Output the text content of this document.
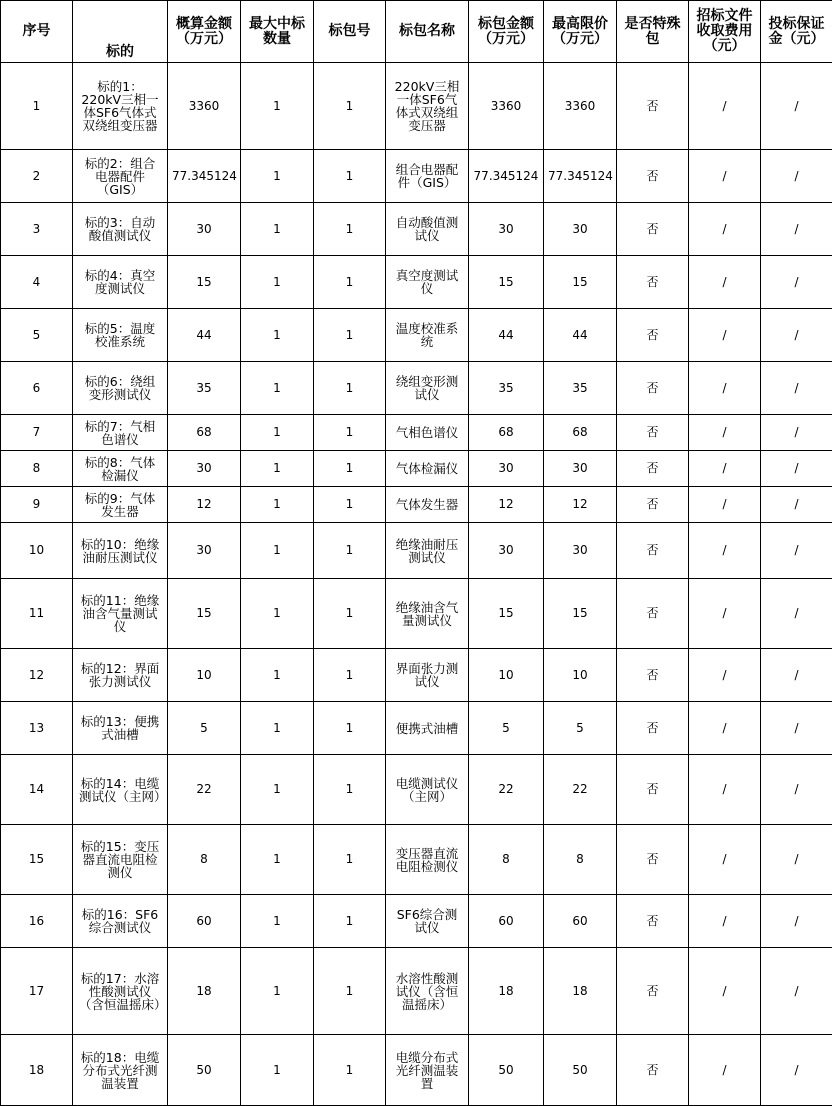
序号	标的	概算金额（万元）	最大中标数量	标包号	标包名称	标包金额（万元）	最高限价（万元）	是否特殊包	招标文件收取费用（元）	投标保证金（元）
1	标的1：220kV三相一体SF6气体式双绕组变压器	3360	1	1	220kV三相一体SF6气体式双绕组变压器	3360	3360	否	/	/
2	标的2：组合电器配件（GIS）	77.345124	1	1	组合电器配件（GIS）	77.345124	77.345124	否	/	/
3	标的3：自动酸值测试仪	30	1	1	自动酸值测试仪	30	30	否	/	/
4	标的4：真空度测试仪	15	1	1	真空度测试仪	15	15	否	/	/
5	标的5：温度校准系统	44	1	1	温度校准系统	44	44	否	/	/
6	标的6：绕组变形测试仪	35	1	1	绕组变形测试仪	35	35	否	/	/
7	标的7：气相色谱仪	68	1	1	气相色谱仪	68	68	否	/	/
8	标的8：气体检漏仪	30	1	1	气体检漏仪	30	30	否	/	/
9	标的9：气体发生器	12	1	1	气体发生器	12	12	否	/	/
10	标的10：绝缘油耐压测试仪	30	1	1	绝缘油耐压测试仪	30	30	否	/	/
11	标的11：绝缘油含气量测试仪	15	1	1	绝缘油含气量测试仪	15	15	否	/	/
12	标的12：界面张力测试仪	10	1	1	界面张力测试仪	10	10	否	/	/
13	标的13：便携式油槽	5	1	1	便携式油槽	5	5	否	/	/
14	标的14：电缆测试仪（主网）	22	1	1	电缆测试仪（主网）	22	22	否	/	/
15	标的15：变压器直流电阻检测仪	8	1	1	变压器直流电阻检测仪	8	8	否	/	/
16	标的16：SF6综合测试仪	60	1	1	SF6综合测试仪	60	60	否	/	/
17	标的17：水溶性酸测试仪（含恒温摇床）	18	1	1	水溶性酸测试仪（含恒温摇床）	18	18	否	/	/
18	标的18：电缆分布式光纤测温装置	50	1	1	电缆分布式光纤测温装置	50	50	否	/	/
